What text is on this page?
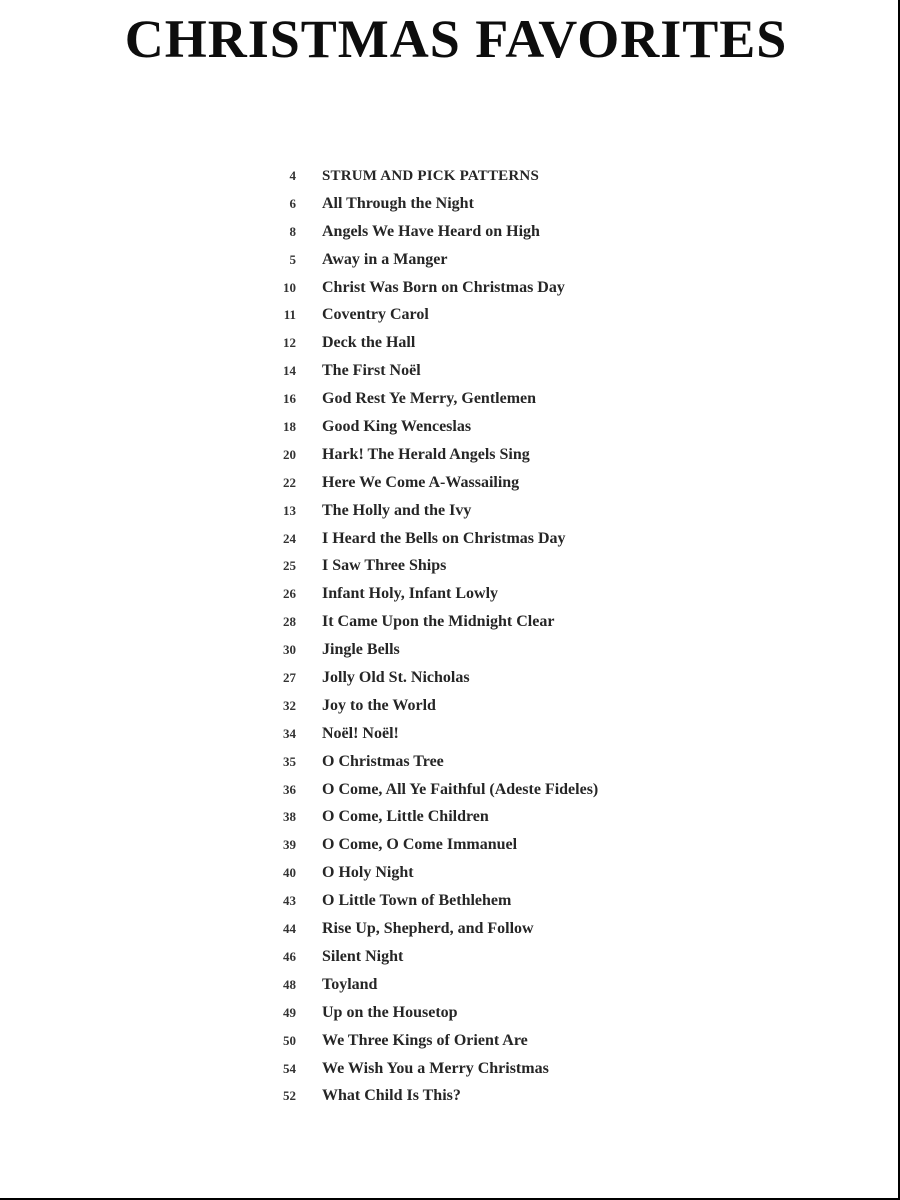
CHRISTMAS FAVORITES
4 STRUM AND PICK PATTERNS
6 All Through the Night
8 Angels We Have Heard on High
5 Away in a Manger
10 Christ Was Born on Christmas Day
11 Coventry Carol
12 Deck the Hall
14 The First Noël
16 God Rest Ye Merry, Gentlemen
18 Good King Wenceslas
20 Hark! The Herald Angels Sing
22 Here We Come A-Wassailing
13 The Holly and the Ivy
24 I Heard the Bells on Christmas Day
25 I Saw Three Ships
26 Infant Holy, Infant Lowly
28 It Came Upon the Midnight Clear
30 Jingle Bells
27 Jolly Old St. Nicholas
32 Joy to the World
34 Noël! Noël!
35 O Christmas Tree
36 O Come, All Ye Faithful (Adeste Fideles)
38 O Come, Little Children
39 O Come, O Come Immanuel
40 O Holy Night
43 O Little Town of Bethlehem
44 Rise Up, Shepherd, and Follow
46 Silent Night
48 Toyland
49 Up on the Housetop
50 We Three Kings of Orient Are
54 We Wish You a Merry Christmas
52 What Child Is This?
